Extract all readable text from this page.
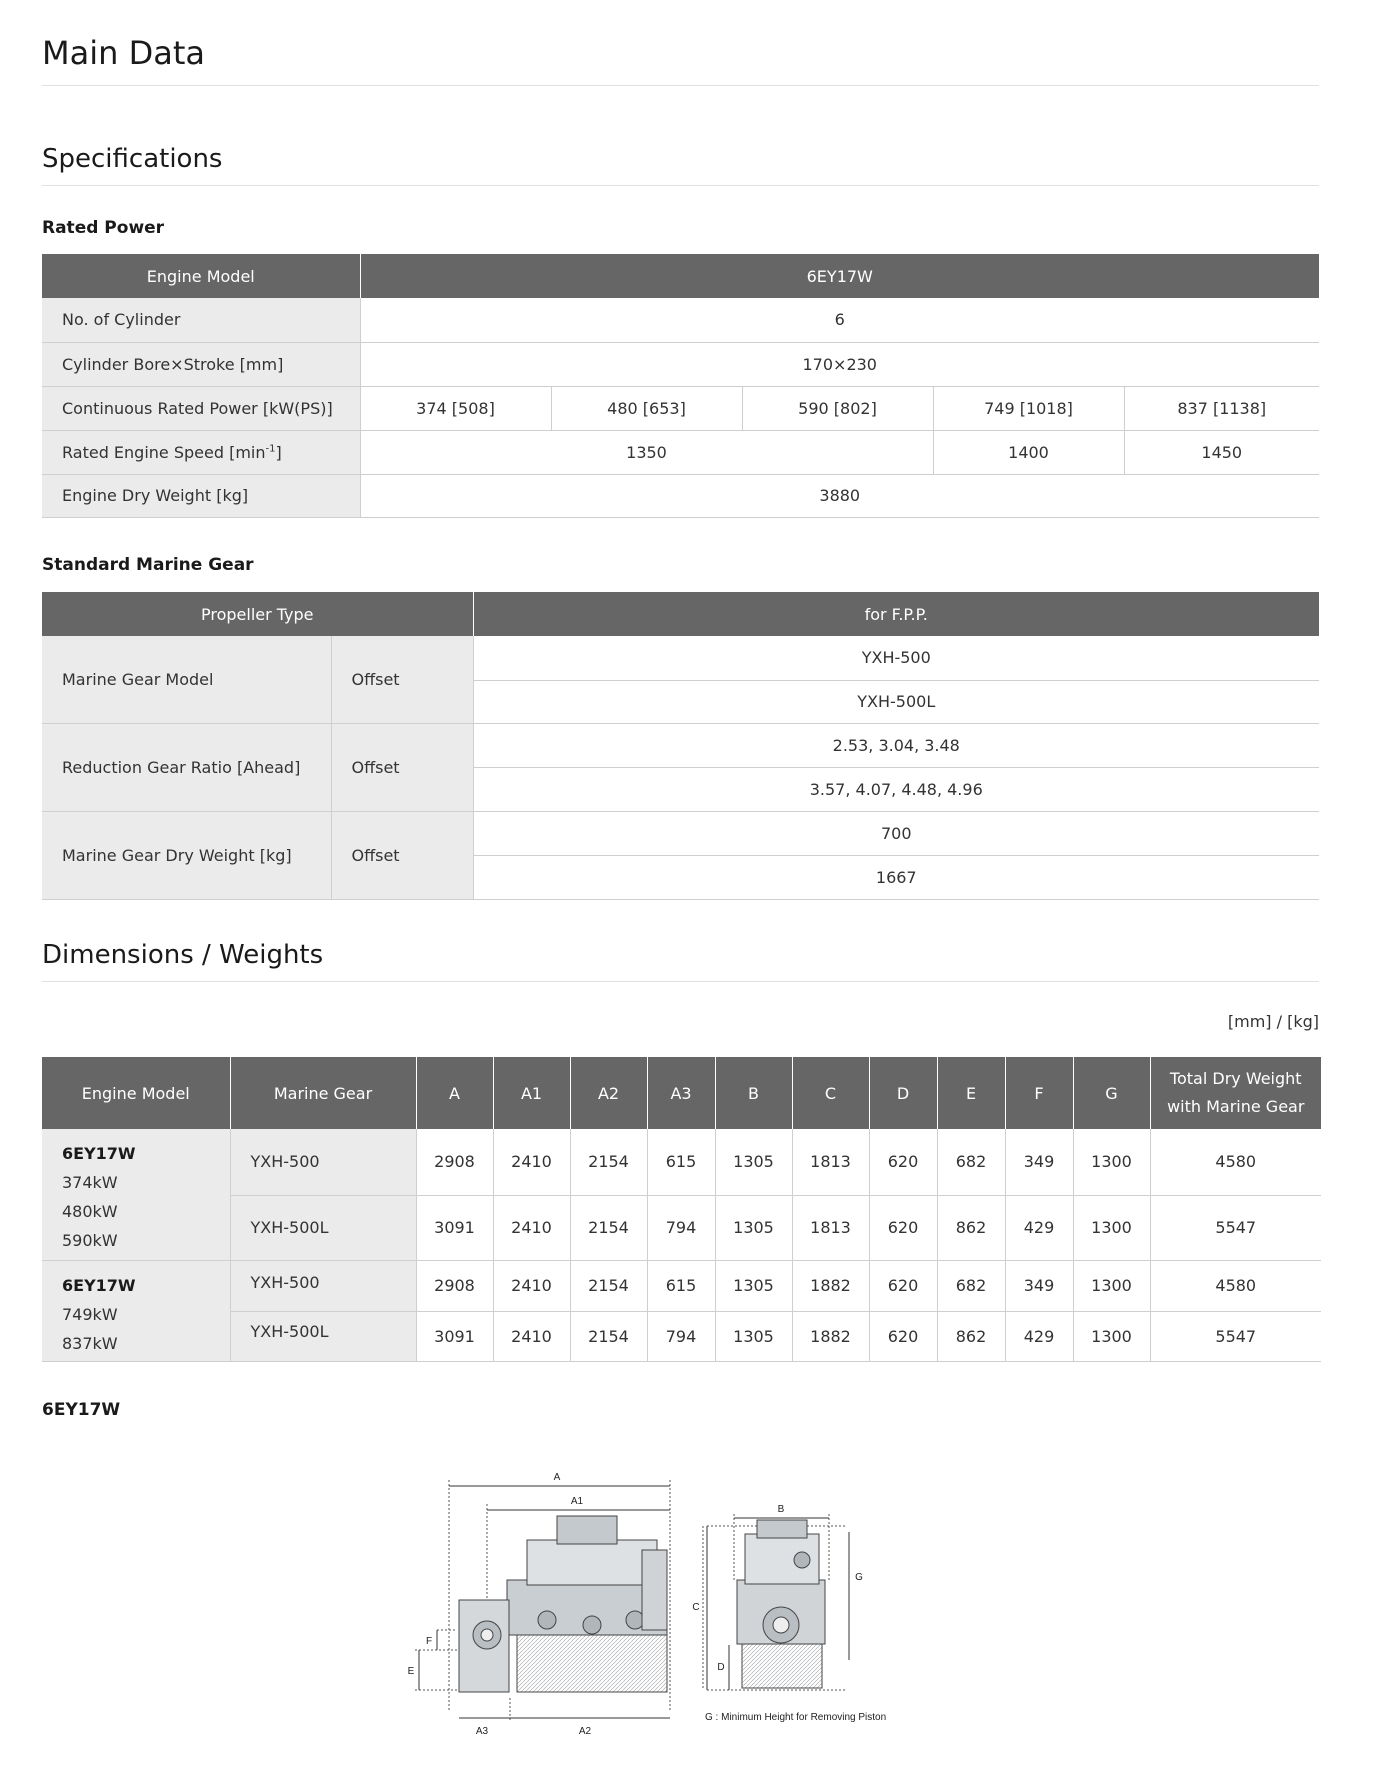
Main Data
Specifications
Rated Power
Engine Model	6EY17W				
No. of Cylinder	6				
Cylinder Bore×Stroke [mm]	170×230				
Continuous Rated Power [kW(PS)]	374 [508]	480 [653]	590 [802]	749 [1018]	837 [1138]
Rated Engine Speed $[\min^{-1}]$	1350			1400	1450
Engine Dry Weight [kg]	3880				
Standard Marine Gear
Propeller Type		for F.P.P.
Marine Gear Model	Offset	YXH-500
		YXH-500L
Reduction Gear Ratio [Ahead]	Offset	2.53, 3.04, 3.48
		3.57, 4.07, 4.48, 4.96
Marine Gear Dry Weight [kg]	Offset	700
		1667
Dimensions / Weights
[mm] / [kg]
Engine Model	Marine Gear	A	A1	A2	A3	B	C	D	E	F	G	Total Dry Weight
with Marine Gear
6EY17W
374kW
480kW
590kW	YXH-500	2908	2410	2154	615	1305	1813	620	682	349	1300	4580
	YXH-500L	3091	2410	2154	794	1305	1813	620	862	429	1300	5547
6EY17W
749kW
837kW	YXH-500	2908	2410	2154	615	1305	1882	620	682	349	1300	4580
	YXH-500L	3091	2410	2154	794	1305	1882	620	862	429	1300	5547
6EY17W
A
A1
A2
A3
B
C
D
E
F
G
G : Minimum Height for Removing Piston
